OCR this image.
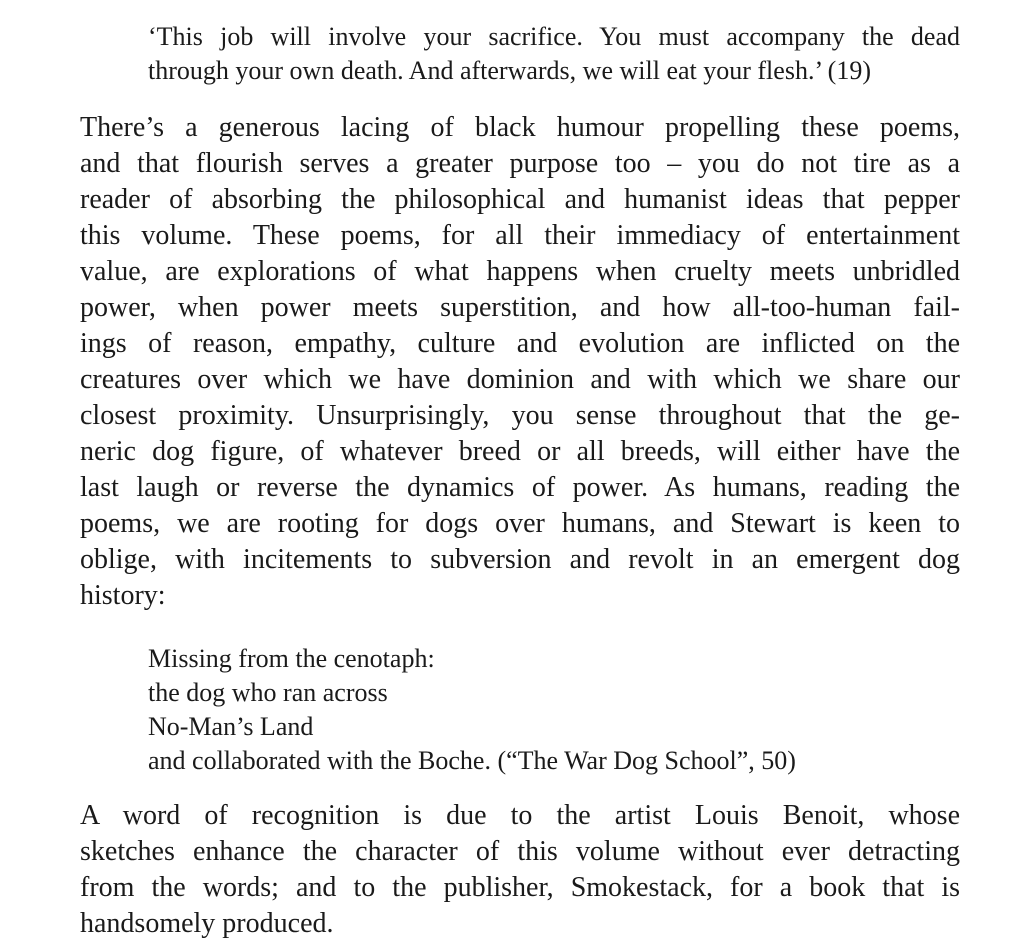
‘This job will involve your sacrifice. You must accompany the dead
through your own death. And afterwards, we will eat your flesh.’ (19)
There’s a generous lacing of black humour propelling these poems,
and that flourish serves a greater purpose too – you do not tire as a
reader of absorbing the philosophical and humanist ideas that pepper
this volume. These poems, for all their immediacy of entertainment
value, are explorations of what happens when cruelty meets unbridled
power, when power meets superstition, and how all-too-human fail-
ings of reason, empathy, culture and evolution are inflicted on the
creatures over which we have dominion and with which we share our
closest proximity. Unsurprisingly, you sense throughout that the ge-
neric dog figure, of whatever breed or all breeds, will either have the
last laugh or reverse the dynamics of power. As humans, reading the
poems, we are rooting for dogs over humans, and Stewart is keen to
oblige, with incitements to subversion and revolt in an emergent dog
history:
Missing from the cenotaph:
the dog who ran across
No-Man’s Land
and collaborated with the Boche. (“The War Dog School”, 50)
A word of recognition is due to the artist Louis Benoit, whose
sketches enhance the character of this volume without ever detracting
from the words; and to the publisher, Smokestack, for a book that is
handsomely produced.
